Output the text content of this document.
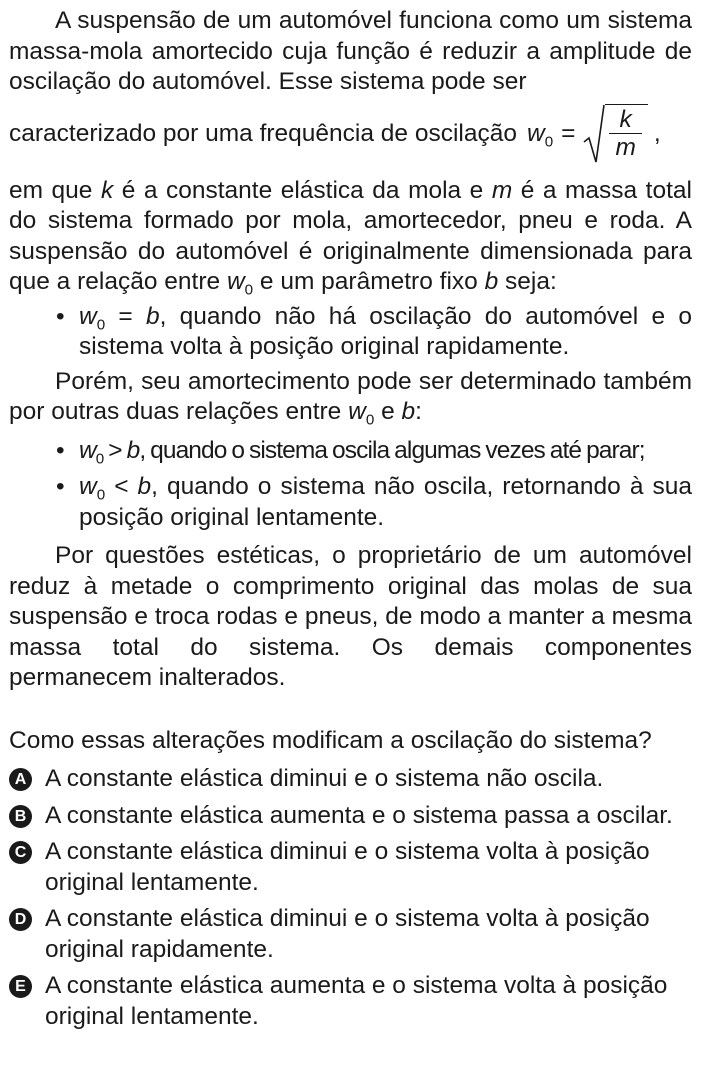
A suspensão de um automóvel funciona como um sistema massa-mola amortecido cuja função é reduzir a amplitude de oscilação do automóvel. Esse sistema pode ser

caracterizado por uma frequência de oscilação $w_0 = \frac{k}{m}$ ,

em que k é a constante elástica da mola e m é a massa total do sistema formado por mola, amortecedor, pneu e roda. A suspensão do automóvel é originalmente dimensionada para que a relação entre $w_0$ e um parâmetro fixo b seja:

• $w_0 = b$, quando não há oscilação do automóvel e o sistema volta à posição original rapidamente.

Porém, seu amortecimento pode ser determinado também por outras duas relações entre $w_0$ e b:

• $w_0 > b$, quando o sistema oscila algumas vezes até parar;
• $w_0 < b$, quando o sistema não oscila, retornando à sua posição original lentamente.

Por questões estéticas, o proprietário de um automóvel reduz à metade o comprimento original das molas de sua suspensão e troca rodas e pneus, de modo a manter a mesma massa total do sistema. Os demais componentes permanecem inalterados.

Como essas alterações modificam a oscilação do sistema?

A A constante elástica diminui e o sistema não oscila.
B A constante elástica aumenta e o sistema passa a oscilar.
C A constante elástica diminui e o sistema volta à posição original lentamente.
D A constante elástica diminui e o sistema volta à posição original rapidamente.
E A constante elástica aumenta e o sistema volta à posição original lentamente.
